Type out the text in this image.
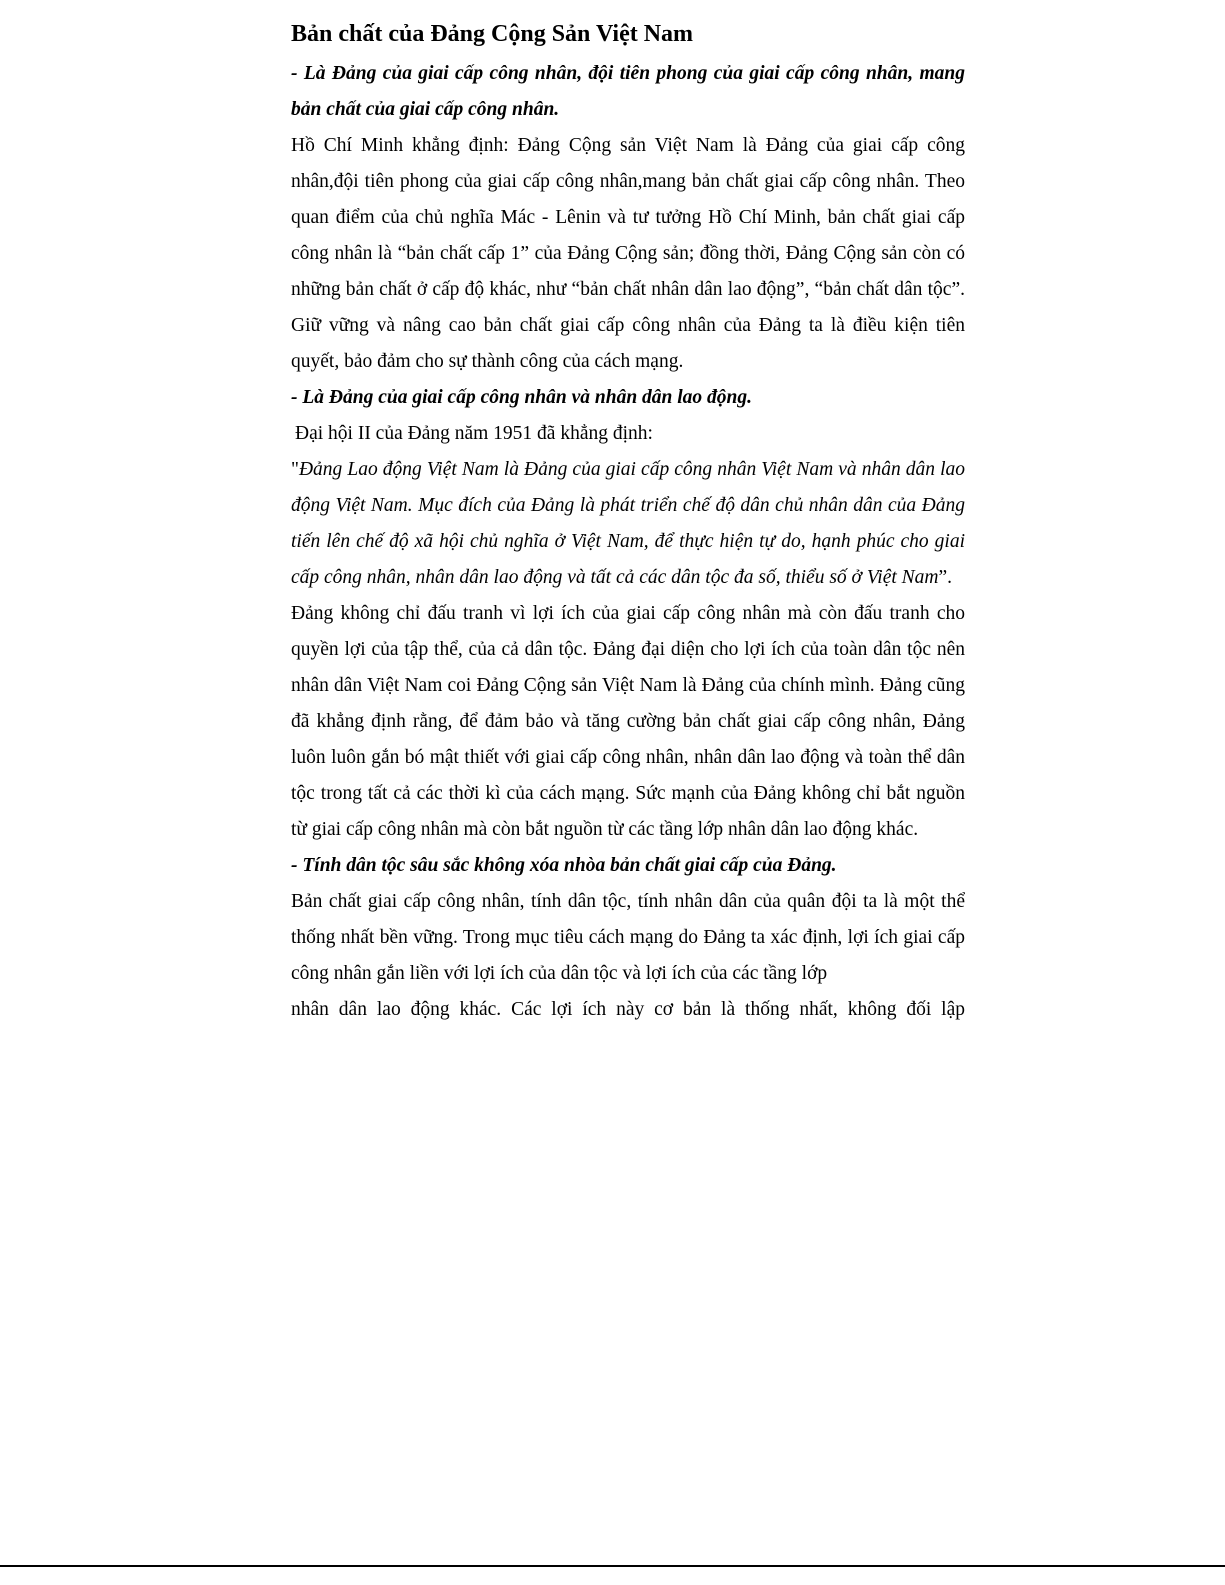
Bản chất của Đảng Cộng Sản Việt Nam

- Là Đảng của giai cấp công nhân, đội tiên phong của giai cấp công nhân, mang bản chất của giai cấp công nhân.

Hồ Chí Minh khẳng định: Đảng Cộng sản Việt Nam là Đảng của giai cấp công nhân,đội tiên phong của giai cấp công nhân,mang bản chất giai cấp công nhân. Theo quan điểm của chủ nghĩa Mác - Lênin và tư tưởng Hồ Chí Minh, bản chất giai cấp công nhân là “bản chất cấp 1” của Đảng Cộng sản; đồng thời, Đảng Cộng sản còn có những bản chất ở cấp độ khác, như “bản chất nhân dân lao động”, “bản chất dân tộc”. Giữ vững và nâng cao bản chất giai cấp công nhân của Đảng ta là điều kiện tiên quyết, bảo đảm cho sự thành công của cách mạng.

- Là Đảng của giai cấp công nhân và nhân dân lao động.

Đại hội II của Đảng năm 1951 đã khẳng định:

"Đảng Lao động Việt Nam là Đảng của giai cấp công nhân Việt Nam và nhân dân lao động Việt Nam. Mục đích của Đảng là phát triển chế độ dân chủ nhân dân của Đảng tiến lên chế độ xã hội chủ nghĩa ở Việt Nam, để thực hiện tự do, hạnh phúc cho giai cấp công nhân, nhân dân lao động và tất cả các dân tộc đa số, thiểu số ở Việt Nam”.

Đảng không chỉ đấu tranh vì lợi ích của giai cấp công nhân mà còn đấu tranh cho quyền lợi của tập thể, của cả dân tộc. Đảng đại diện cho lợi ích của toàn dân tộc nên nhân dân Việt Nam coi Đảng Cộng sản Việt Nam là Đảng của chính mình. Đảng cũng đã khẳng định rằng, để đảm bảo và tăng cường bản chất giai cấp công nhân, Đảng luôn luôn gắn bó mật thiết với giai cấp công nhân, nhân dân lao động và toàn thể dân tộc trong tất cả các thời kì của cách mạng. Sức mạnh của Đảng không chỉ bắt nguồn từ giai cấp công nhân mà còn bắt nguồn từ các tầng lớp nhân dân lao động khác.

- Tính dân tộc sâu sắc không xóa nhòa bản chất giai cấp của Đảng.

Bản chất giai cấp công nhân, tính dân tộc, tính nhân dân của quân đội ta là một thể thống nhất bền vững. Trong mục tiêu cách mạng do Đảng ta xác định, lợi ích giai cấp công nhân gắn liền với lợi ích của dân tộc và lợi ích của các tầng lớp

nhân dân lao động khác. Các lợi ích này cơ bản là thống nhất, không đối lập
